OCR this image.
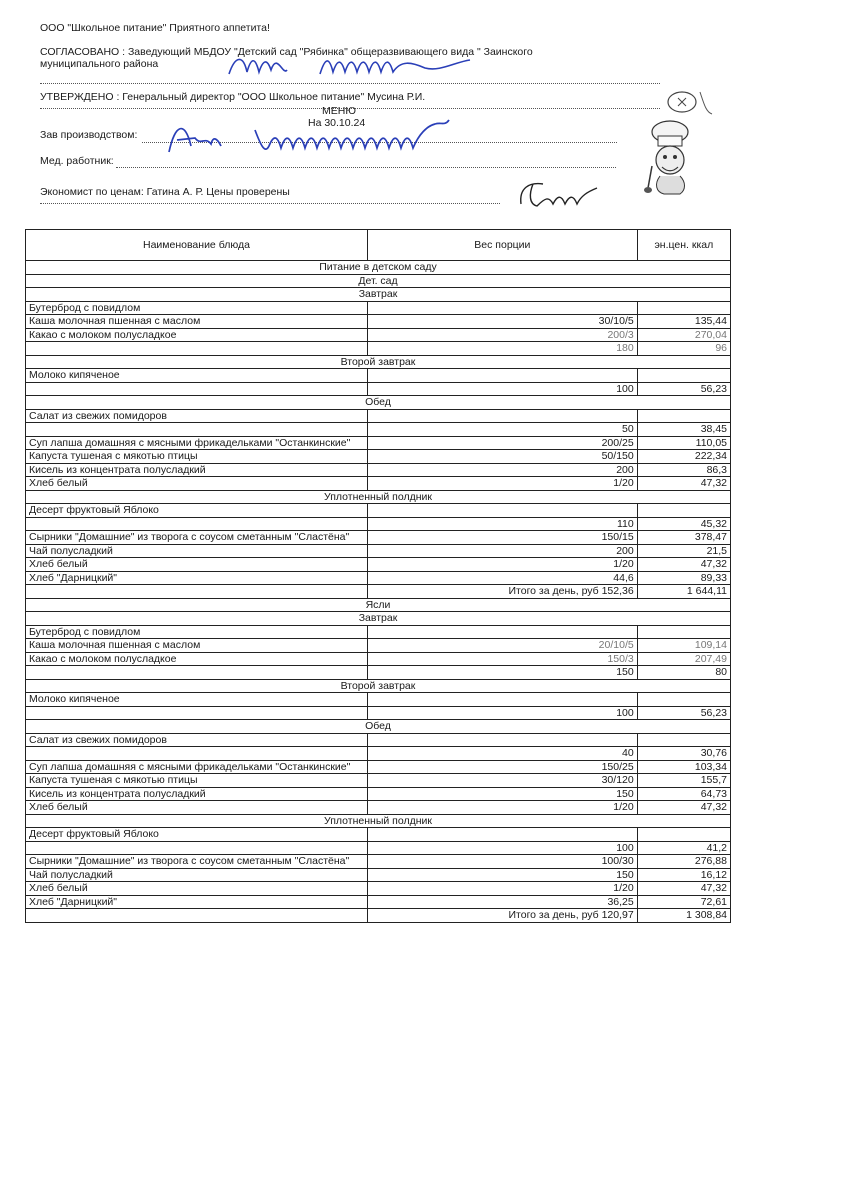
ООО "Школьное питание" Приятного аппетита!
СОГЛАСОВАНО : Заведующий МБДОУ "Детский сад "Рябинка" общеразвивающего вида " Заинского
муниципального района
УТВЕРЖДЕНО : Генеральный директор "ООО Школьное питание" Мусина Р.И.
МЕНЮ
На 30.10.24
Зав производством:
Мед. работник:
Экономист по ценам: Гатина А. Р. Цены проверены
Наименование блюда	Вес порции	эн.цен. ккал
Питание в детском саду		
Дет. сад		
Завтрак		
Бутерброд с повидлом		
Каша молочная пшенная с маслом	30/10/5	135,44
Какао с молоком полусладкое	200/3	270,04
	180	96
Второй завтрак		
Молоко кипяченое		
	100	56,23
Обед		
Салат из свежих помидоров		
	50	38,45
Суп лапша домашняя с мясными фрикадельками "Останкинские"	200/25	110,05
Капуста тушеная с мякотью птицы	50/150	222,34
Кисель из концентрата полусладкий	200	86,3
Хлеб белый	1/20	47,32
Уплотненный полдник		
Десерт фруктовый Яблоко		
	110	45,32
Сырники "Домашние" из творога с соусом сметанным "Сластёна"	150/15	378,47
Чай полусладкий	200	21,5
Хлеб белый	1/20	47,32
Хлеб "Дарницкий"	44,6	89,33
	Итого за день, руб 152,36	1 644,11
Ясли		
Завтрак		
Бутерброд с повидлом		
Каша молочная пшенная с маслом	20/10/5	109,14
Какао с молоком полусладкое	150/3	207,49
	150	80
Второй завтрак		
Молоко кипяченое		
	100	56,23
Обед		
Салат из свежих помидоров		
	40	30,76
Суп лапша домашняя с мясными фрикадельками "Останкинские"	150/25	103,34
Капуста тушеная с мякотью птицы	30/120	155,7
Кисель из концентрата полусладкий	150	64,73
Хлеб белый	1/20	47,32
Уплотненный полдник		
Десерт фруктовый Яблоко		
	100	41,2
Сырники "Домашние" из творога с соусом сметанным "Сластёна"	100/30	276,88
Чай полусладкий	150	16,12
Хлеб белый	1/20	47,32
Хлеб "Дарницкий"	36,25	72,61
	Итого за день, руб 120,97	1 308,84
